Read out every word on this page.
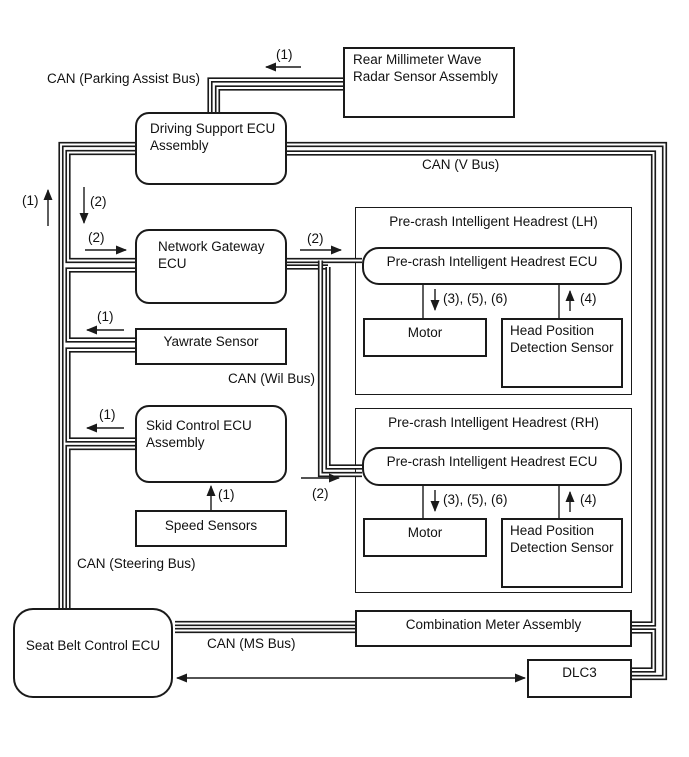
Pre-crash Intelligent Headrest (LH)
Pre-crash Intelligent Headrest (RH)
Rear Millimeter Wave
Radar Sensor Assembly
Driving Support ECU
Assembly
Network Gateway
ECU
Yawrate Sensor
Skid Control ECU
Assembly
Speed Sensors
Seat Belt Control ECU
Pre-crash Intelligent Headrest ECU
Motor	Head Position
Detection Sensor
Pre-crash Intelligent Headrest ECU
Motor	Head Position
Detection Sensor
Combination Meter Assembly
DLC3
CAN (Parking Assist Bus)
CAN (V Bus)
CAN (Wil Bus)
CAN (Steering Bus)
CAN (MS Bus)
(1)
(1)	(2)
(2)
(1)
(1)
(2)
(2)
(1)
(3), (5), (6)	(4)
(3), (5), (6)	(4)
